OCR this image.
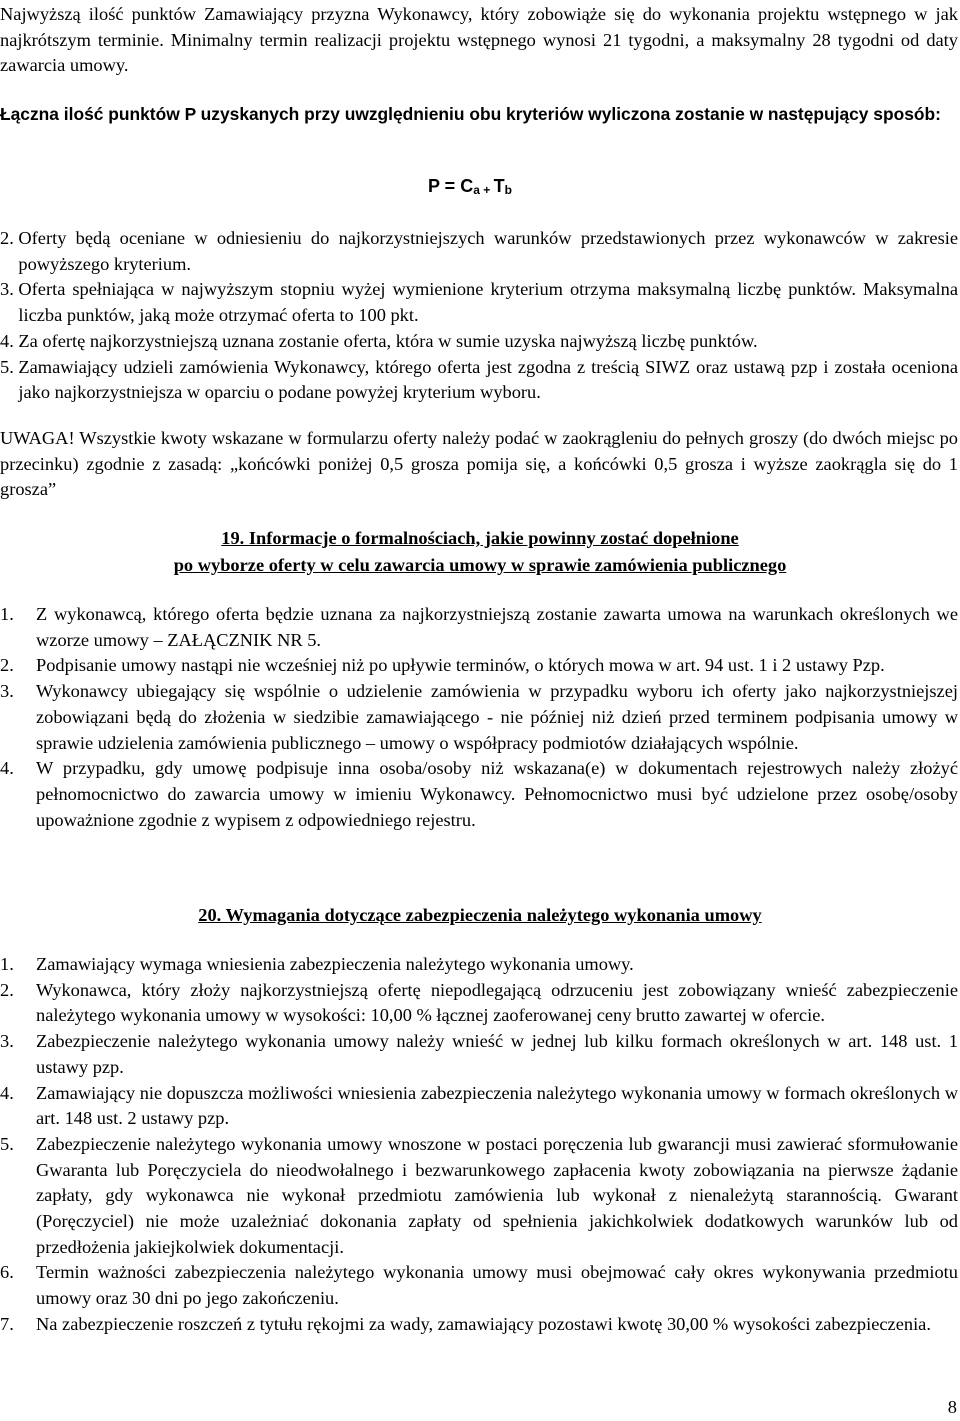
Najwyższą ilość punktów Zamawiający przyzna Wykonawcy, który zobowiąże się do wykonania projektu wstępnego w jak najkrótszym terminie. Minimalny termin realizacji projektu wstępnego wynosi 21 tygodni, a maksymalny 28 tygodni od daty zawarcia umowy.
Łączna ilość punktów P uzyskanych przy uwzględnieniu obu kryteriów wyliczona zostanie w następujący sposób:
P = Ca + Tb
2. Oferty będą oceniane w odniesieniu do najkorzystniejszych warunków przedstawionych przez wykonawców w zakresie powyższego kryterium.
3. Oferta spełniająca w najwyższym stopniu wyżej wymienione kryterium otrzyma maksymalną liczbę punktów. Maksymalna liczba punktów, jaką może otrzymać oferta to 100 pkt.
4. Za ofertę najkorzystniejszą uznana zostanie oferta, która w sumie uzyska najwyższą liczbę punktów.
5. Zamawiający udzieli zamówienia Wykonawcy, którego oferta jest zgodna z treścią SIWZ oraz ustawą pzp i została oceniona jako najkorzystniejsza w oparciu o podane powyżej kryterium wyboru.
UWAGA! Wszystkie kwoty wskazane w formularzu oferty należy podać w zaokrągleniu do pełnych groszy (do dwóch miejsc po przecinku) zgodnie z zasadą: „końcówki poniżej 0,5 grosza pomija się, a końcówki 0,5 grosza i wyższe zaokrągla się do 1 grosza”
19. Informacje o formalnościach, jakie powinny zostać dopełnione
po wyborze oferty w celu zawarcia umowy w sprawie zamówienia publicznego
1.	Z wykonawcą, którego oferta będzie uznana za najkorzystniejszą zostanie zawarta umowa na warunkach określonych we wzorze umowy – ZAŁĄCZNIK NR 5.
2.	Podpisanie umowy nastąpi nie wcześniej niż po upływie terminów, o których mowa w art. 94 ust. 1 i 2 ustawy Pzp.
3.	Wykonawcy ubiegający się wspólnie o udzielenie zamówienia w przypadku wyboru ich oferty jako najkorzystniejszej zobowiązani będą do złożenia w siedzibie zamawiającego - nie później niż dzień przed terminem podpisania umowy w sprawie udzielenia zamówienia publicznego – umowy o współpracy podmiotów działających wspólnie.
4.	W przypadku, gdy umowę podpisuje inna osoba/osoby niż wskazana(e) w dokumentach rejestrowych należy złożyć pełnomocnictwo do zawarcia umowy w imieniu Wykonawcy. Pełnomocnictwo musi być udzielone przez osobę/osoby upoważnione zgodnie z wypisem z odpowiedniego rejestru.
20. Wymagania dotyczące zabezpieczenia należytego wykonania umowy
1.	Zamawiający wymaga wniesienia zabezpieczenia należytego wykonania umowy.
2.	Wykonawca, który złoży najkorzystniejszą ofertę niepodlegającą odrzuceniu jest zobowiązany wnieść zabezpieczenie należytego wykonania umowy w wysokości: 10,00 % łącznej zaoferowanej ceny brutto zawartej w ofercie.
3.	Zabezpieczenie należytego wykonania umowy należy wnieść w jednej lub kilku formach określonych w art. 148 ust. 1 ustawy pzp.
4.	Zamawiający nie dopuszcza możliwości wniesienia zabezpieczenia należytego wykonania umowy w formach określonych w art. 148 ust. 2 ustawy pzp.
5.	Zabezpieczenie należytego wykonania umowy wnoszone w postaci poręczenia lub gwarancji musi zawierać sformułowanie Gwaranta lub Poręczyciela do nieodwołalnego i bezwarunkowego zapłacenia kwoty zobowiązania na pierwsze żądanie zapłaty, gdy wykonawca nie wykonał przedmiotu zamówienia lub wykonał z nienależytą starannością. Gwarant (Poręczyciel) nie może uzależniać dokonania zapłaty od spełnienia jakichkolwiek dodatkowych warunków lub od przedłożenia jakiejkolwiek dokumentacji.
6.	Termin ważności zabezpieczenia należytego wykonania umowy musi obejmować cały okres wykonywania przedmiotu umowy oraz 30 dni po jego zakończeniu.
7.	Na zabezpieczenie roszczeń z tytułu rękojmi za wady, zamawiający pozostawi kwotę 30,00 % wysokości zabezpieczenia.
8
